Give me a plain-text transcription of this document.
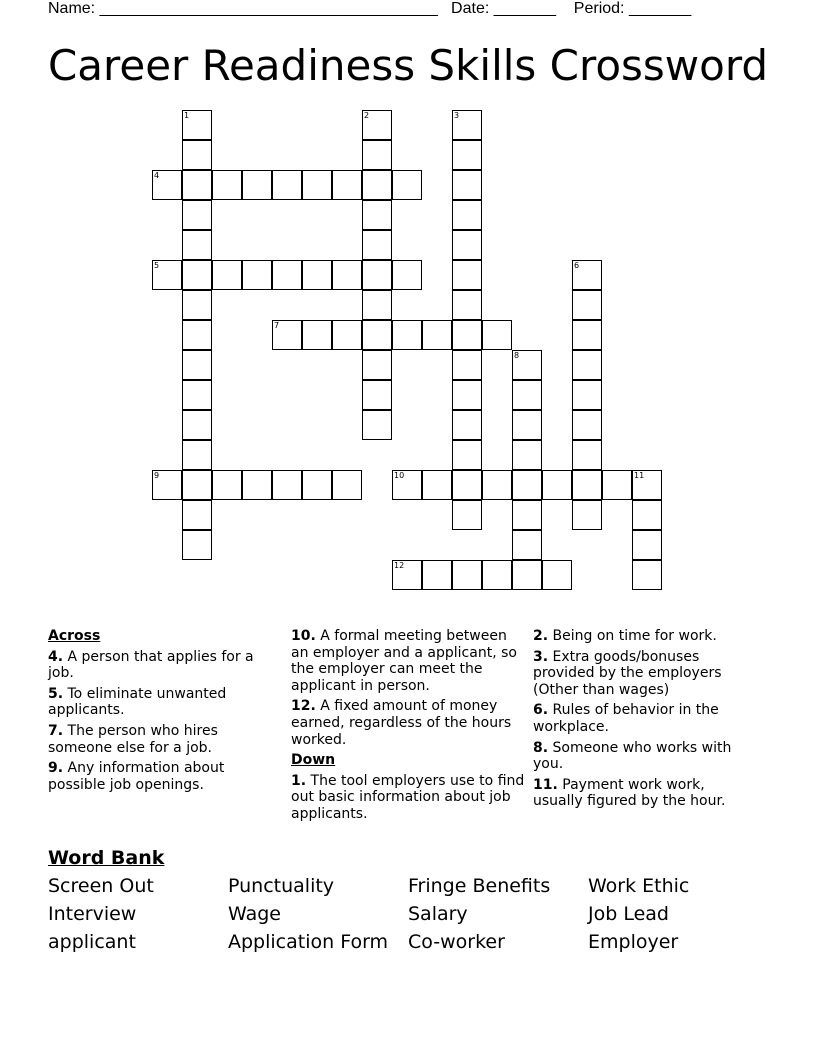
Name: ______________________________________   Date: _______    Period: _______
Career Readiness Skills Crossword
1	2	3
4
5	6
7
8
9	10	11
12
Across
4. A person that applies for a job.
5. To eliminate unwanted applicants.
7. The person who hires someone else for a job.
9. Any information about possible job openings.
10. A formal meeting between an employer and a applicant, so the employer can meet the applicant in person.
12. A fixed amount of money earned, regardless of the hours worked.
Down
1. The tool employers use to find out basic information about job applicants.
2. Being on time for work.
3. Extra goods/bonuses provided by the employers (Other than wages)
6. Rules of behavior in the workplace.
8. Someone who works with you.
11. Payment work work, usually figured by the hour.
Word Bank
Screen Out	Punctuality	Fringe Benefits	Work Ethic
Interview	Wage	Salary	Job Lead
applicant	Application Form	Co-worker	Employer
